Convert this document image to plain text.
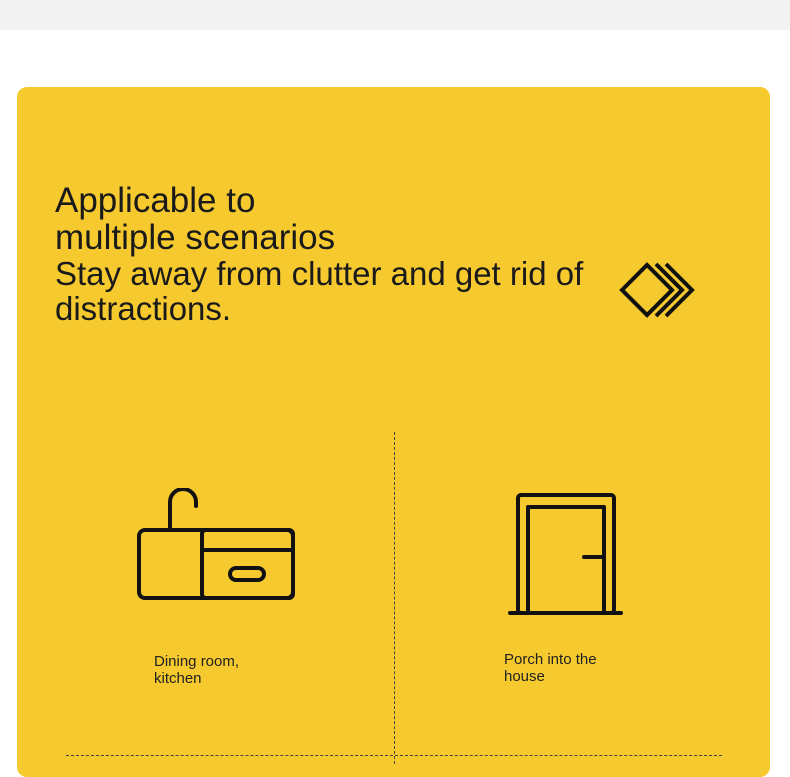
Applicable to
multiple scenarios

Stay away from clutter and get rid of distractions.

Dining room,
kitchen
Porch into the
house
